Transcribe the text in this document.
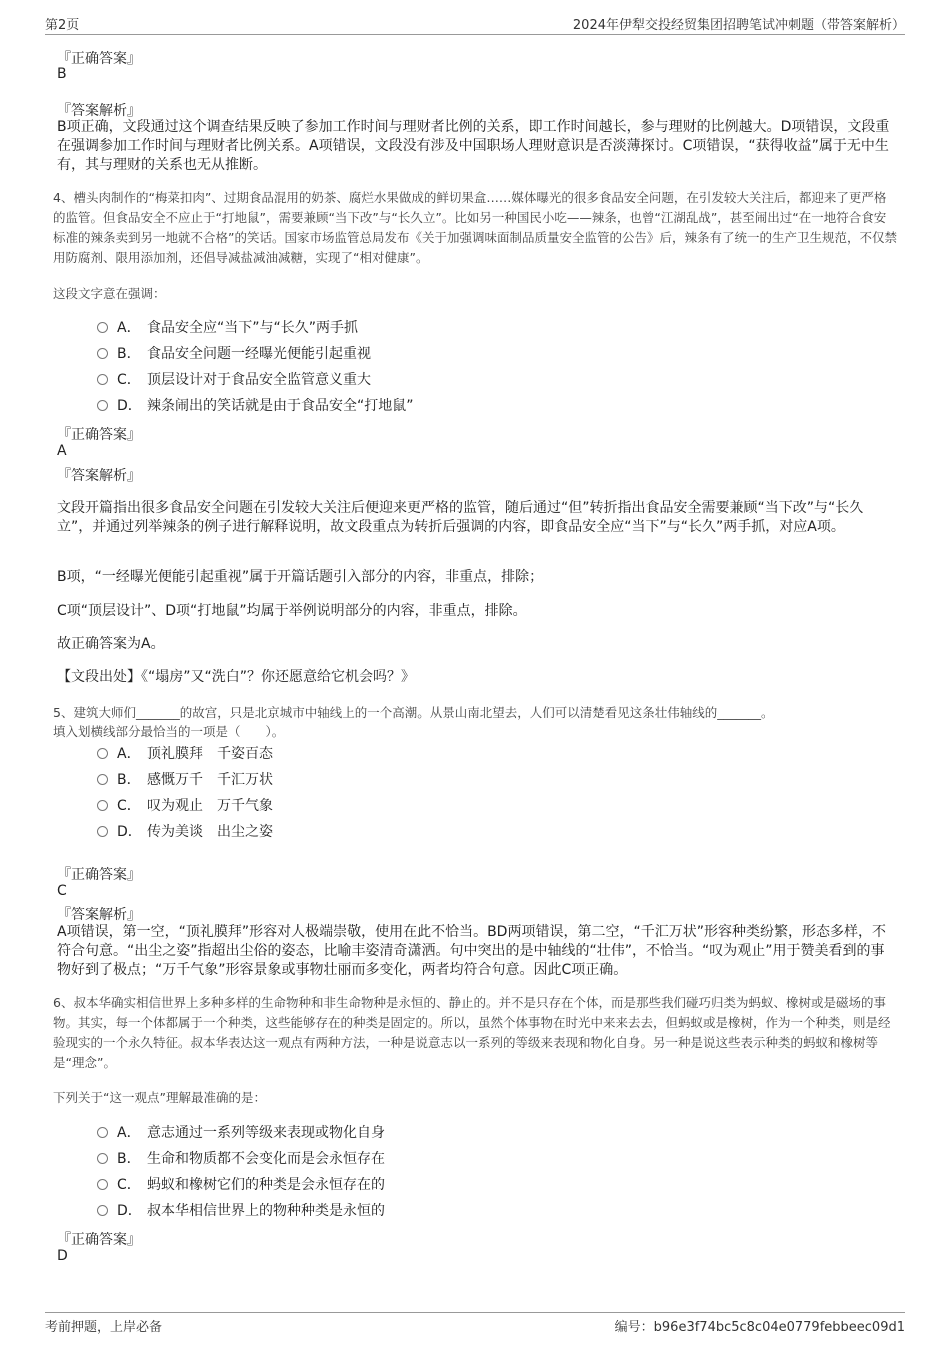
第2页	2024年伊犁交投经贸集团招聘笔试冲刺题（带答案解析）
『正确答案』
B
『答案解析』
B项正确，文段通过这个调查结果反映了参加工作时间与理财者比例的关系，即工作时间越长，参与理财的比例越大。D项错误，文段重在强调参加工作时间与理财者比例关系。A项错误，文段没有涉及中国职场人理财意识是否淡薄探讨。C项错误，“获得收益”属于无中生有，其与理财的关系也无从推断。
4、槽头肉制作的“梅菜扣肉”、过期食品混用的奶茶、腐烂水果做成的鲜切果盒……媒体曝光的很多食品安全问题，在引发较大关注后，都迎来了更严格的监管。但食品安全不应止于“打地鼠”，需要兼顾“当下改”与“长久立”。比如另一种国民小吃——辣条，也曾“江湖乱战”，甚至闹出过“在一地符合食安标准的辣条卖到另一地就不合格”的笑话。国家市场监管总局发布《关于加强调味面制品质量安全监管的公告》后，辣条有了统一的生产卫生规范，不仅禁用防腐剂、限用添加剂，还倡导减盐减油减糖，实现了“相对健康”。
这段文字意在强调：
A． 食品安全应“当下”与“长久”两手抓
B． 食品安全问题一经曝光便能引起重视
C． 顶层设计对于食品安全监管意义重大
D． 辣条闹出的笑话就是由于食品安全“打地鼠”
『正确答案』
A
『答案解析』
文段开篇指出很多食品安全问题在引发较大关注后便迎来更严格的监管，随后通过“但”转折指出食品安全需要兼顾“当下改”与“长久立”，并通过列举辣条的例子进行解释说明，故文段重点为转折后强调的内容，即食品安全应“当下”与“长久”两手抓，对应A项。
B项，“一经曝光便能引起重视”属于开篇话题引入部分的内容，非重点，排除；
C项“顶层设计”、D项“打地鼠”均属于举例说明部分的内容，非重点，排除。
故正确答案为A。
【文段出处】《“塌房”又“洗白”？你还愿意给它机会吗？》
5、建筑大师们_______的故宫，只是北京城市中轴线上的一个高潮。从景山南北望去，人们可以清楚看见这条壮伟轴线的_______。
填入划横线部分最恰当的一项是（　　）。
A． 顶礼膜拜　千姿百态
B． 感慨万千　千汇万状
C． 叹为观止　万千气象
D． 传为美谈　出尘之姿
『正确答案』
C
『答案解析』
A项错误，第一空，“顶礼膜拜”形容对人极端崇敬，使用在此不恰当。BD两项错误，第二空，“千汇万状”形容种类纷繁，形态多样，不符合句意。“出尘之姿”指超出尘俗的姿态，比喻丰姿清奇潇洒。句中突出的是中轴线的“壮伟”，不恰当。“叹为观止”用于赞美看到的事物好到了极点；“万千气象”形容景象或事物壮丽而多变化，两者均符合句意。因此C项正确。
6、叔本华确实相信世界上多种多样的生命物种和非生命物种是永恒的、静止的。并不是只存在个体，而是那些我们碰巧归类为蚂蚁、橡树或是磁场的事物。其实，每一个体都属于一个种类，这些能够存在的种类是固定的。所以，虽然个体事物在时光中来来去去，但蚂蚁或是橡树，作为一个种类，则是经验现实的一个永久特征。叔本华表达这一观点有两种方法，一种是说意志以一系列的等级来表现和物化自身。另一种是说这些表示种类的蚂蚁和橡树等是“理念”。
下列关于“这一观点”理解最准确的是：
A． 意志通过一系列等级来表现或物化自身
B． 生命和物质都不会变化而是会永恒存在
C． 蚂蚁和橡树它们的种类是会永恒存在的
D． 叔本华相信世界上的物种种类是永恒的
『正确答案』
D
考前押题，上岸必备	编号：b96e3f74bc5c8c04e0779febbeec09d1
